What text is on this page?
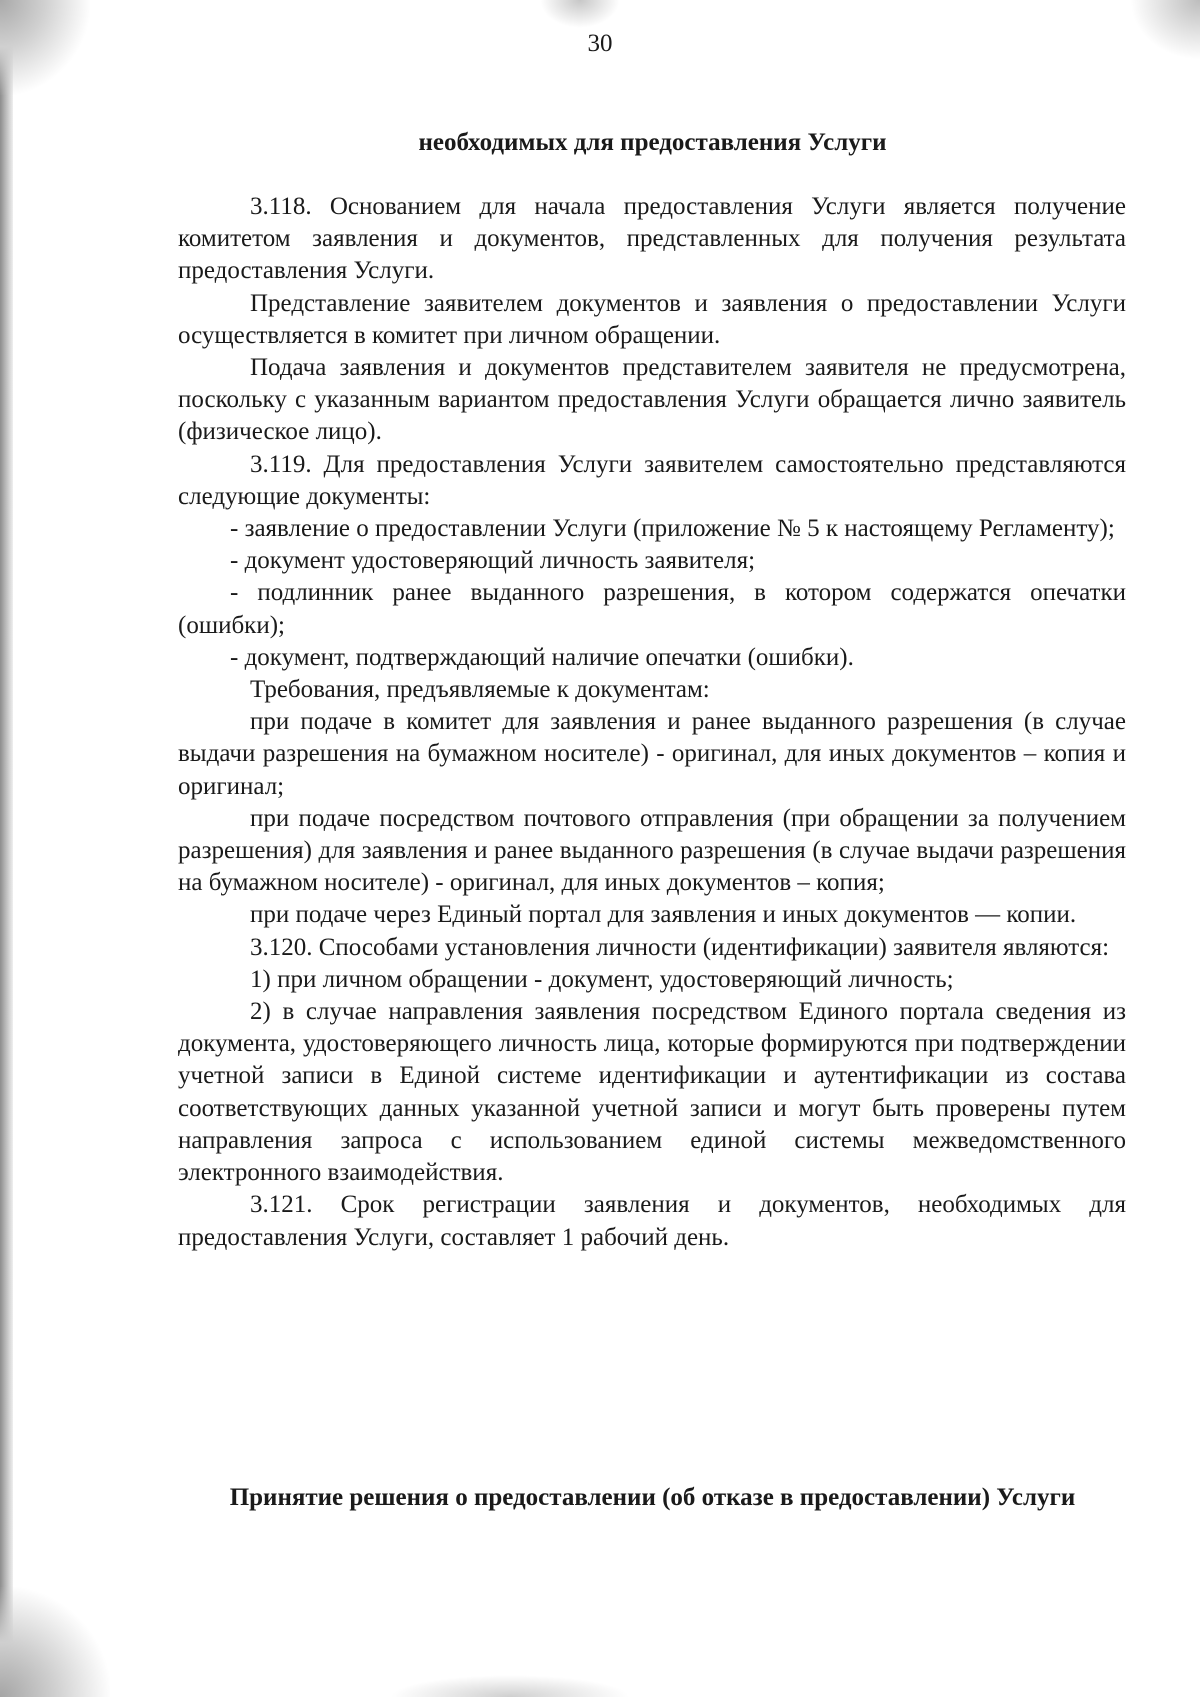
30
необходимых для предоставления Услуги

3.118. Основанием для начала предоставления Услуги является получение комитетом заявления и документов, представленных для получения результата предоставления Услуги.

Представление заявителем документов и заявления о предоставлении Услуги осуществляется в комитет при личном обращении.

Подача заявления и документов представителем заявителя не предусмотрена, поскольку с указанным вариантом предоставления Услуги обращается лично заявитель (физическое лицо).

3.119. Для предоставления Услуги заявителем самостоятельно представляются следующие документы:

- заявление о предоставлении Услуги (приложение № 5 к настоящему Регламенту);

- документ удостоверяющий личность заявителя;

- подлинник ранее выданного разрешения, в котором содержатся опечатки (ошибки);

- документ, подтверждающий наличие опечатки (ошибки).

Требования, предъявляемые к документам:

при подаче в комитет для заявления и ранее выданного разрешения (в случае выдачи разрешения на бумажном носителе) - оригинал, для иных документов – копия и оригинал;

при подаче посредством почтового отправления (при обращении за получением разрешения) для заявления и ранее выданного разрешения (в случае выдачи разрешения на бумажном носителе) - оригинал, для иных документов – копия;

при подаче через Единый портал для заявления и иных документов — копии.

3.120. Способами установления личности (идентификации) заявителя являются:

1) при личном обращении - документ, удостоверяющий личность;

2) в случае направления заявления посредством Единого портала сведения из документа, удостоверяющего личность лица, которые формируются при подтверждении учетной записи в Единой системе идентификации и аутентификации из состава соответствующих данных указанной учетной записи и могут быть проверены путем направления запроса с использованием единой системы межведомственного электронного взаимодействия.

3.121. Срок регистрации заявления и документов, необходимых для предоставления Услуги, составляет 1 рабочий день.

Принятие решения о предоставлении (об отказе в предоставлении) Услуги
